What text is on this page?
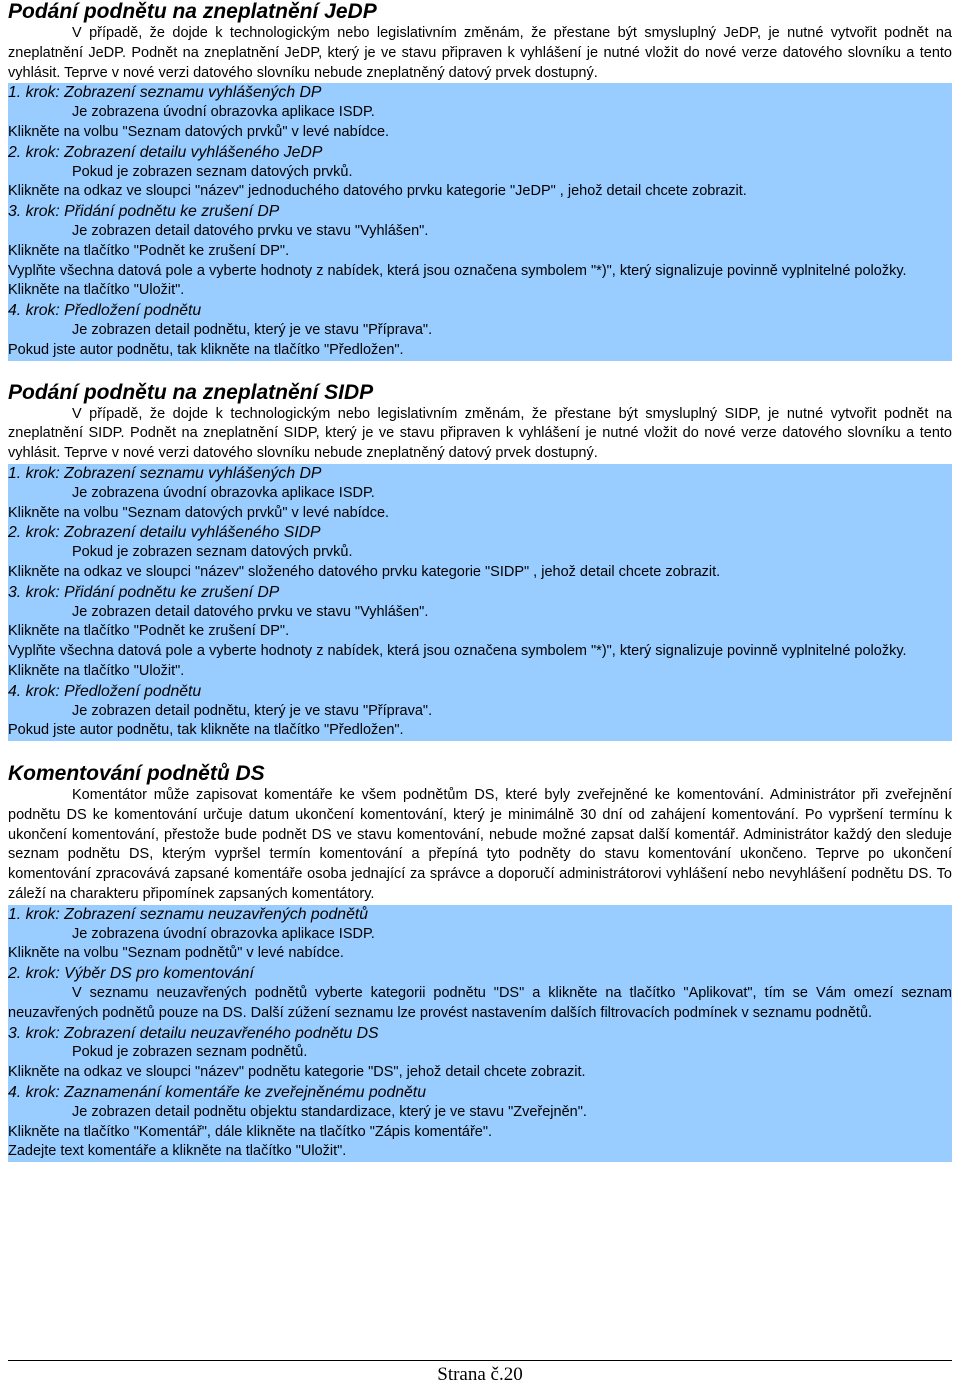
Podání podnětu na zneplatnění JeDP

V případě, že dojde k technologickým nebo legislativním změnám, že přestane být smysluplný JeDP, je nutné vytvořit podnět na zneplatnění JeDP. Podnět na zneplatnění JeDP, který je ve stavu připraven k vyhlášení je nutné vložit do nové verze datového slovníku a tento vyhlásit. Teprve v nové verzi datového slovníku nebude zneplatněný datový prvek dostupný.

1. krok: Zobrazení seznamu vyhlášených DP

Je zobrazena úvodní obrazovka aplikace ISDP.

Klikněte na volbu "Seznam datových prvků" v levé nabídce.

2. krok: Zobrazení detailu vyhlášeného JeDP

Pokud je zobrazen seznam datových prvků.

Klikněte na odkaz ve sloupci "název" jednoduchého datového prvku kategorie "JeDP" , jehož detail chcete zobrazit.

3. krok: Přidání podnětu ke zrušení DP

Je zobrazen detail datového prvku ve stavu "Vyhlášen".

Klikněte na tlačítko "Podnět ke zrušení DP".

Vyplňte všechna datová pole a vyberte hodnoty z nabídek, která jsou označena symbolem "*)", který signalizuje povinně vyplnitelné položky.

Klikněte na tlačítko "Uložit".

4. krok: Předložení podnětu

Je zobrazen detail podnětu, který je ve stavu "Příprava".

Pokud jste autor podnětu, tak klikněte na tlačítko "Předložen".

Podání podnětu na zneplatnění SIDP

V případě, že dojde k technologickým nebo legislativním změnám, že přestane být smysluplný SIDP, je nutné vytvořit podnět na zneplatnění SIDP. Podnět na zneplatnění SIDP, který je ve stavu připraven k vyhlášení je nutné vložit do nové verze datového slovníku a tento vyhlásit. Teprve v nové verzi datového slovníku nebude zneplatněný datový prvek dostupný.

1. krok: Zobrazení seznamu vyhlášených DP

Je zobrazena úvodní obrazovka aplikace ISDP.

Klikněte na volbu "Seznam datových prvků" v levé nabídce.

2. krok: Zobrazení detailu vyhlášeného SIDP

Pokud je zobrazen seznam datových prvků.

Klikněte na odkaz ve sloupci "název" složeného datového prvku kategorie "SIDP" , jehož detail chcete zobrazit.

3. krok: Přidání podnětu ke zrušení DP

Je zobrazen detail datového prvku ve stavu "Vyhlášen".

Klikněte na tlačítko "Podnět ke zrušení DP".

Vyplňte všechna datová pole a vyberte hodnoty z nabídek, která jsou označena symbolem "*)", který signalizuje povinně vyplnitelné položky.

Klikněte na tlačítko "Uložit".

4. krok: Předložení podnětu

Je zobrazen detail podnětu, který je ve stavu "Příprava".

Pokud jste autor podnětu, tak klikněte na tlačítko "Předložen".

Komentování podnětů DS

Komentátor může zapisovat komentáře ke všem podnětům DS, které byly zveřejněné ke komentování. Administrátor při zveřejnění podnětu DS ke komentování určuje datum ukončení komentování, který je minimálně 30 dní od zahájení komentování. Po vypršení termínu k ukončení komentování, přestože bude podnět DS ve stavu komentování, nebude možné zapsat další komentář. Administrátor každý den sleduje seznam podnětu DS, kterým vypršel termín komentování a přepíná tyto podněty do stavu komentování ukončeno. Teprve po ukončení komentování zpracovává zapsané komentáře osoba jednající za správce a doporučí administrátorovi vyhlášení nebo nevyhlášení podnětu DS. To záleží na charakteru připomínek zapsaných komentátory.

1. krok: Zobrazení seznamu neuzavřených podnětů

Je zobrazena úvodní obrazovka aplikace ISDP.

Klikněte na volbu "Seznam podnětů" v levé nabídce.

2. krok: Výběr DS pro komentování

V seznamu neuzavřených podnětů vyberte kategorii podnětu "DS" a klikněte na tlačítko "Aplikovat", tím se Vám omezí seznam neuzavřených podnětů pouze na DS. Další zúžení seznamu lze provést nastavením dalších filtrovacích podmínek v seznamu podnětů.

3. krok: Zobrazení detailu neuzavřeného podnětu DS

Pokud je zobrazen seznam podnětů.

Klikněte na odkaz ve sloupci "název" podnětu kategorie "DS", jehož detail chcete zobrazit.

4. krok: Zaznamenání komentáře ke zveřejněnému podnětu

Je zobrazen detail podnětu objektu standardizace, který je ve stavu "Zveřejněn".

Klikněte na tlačítko "Komentář", dále klikněte na tlačítko "Zápis komentáře".

Zadejte text komentáře a klikněte na tlačítko "Uložit".

Strana č.20
